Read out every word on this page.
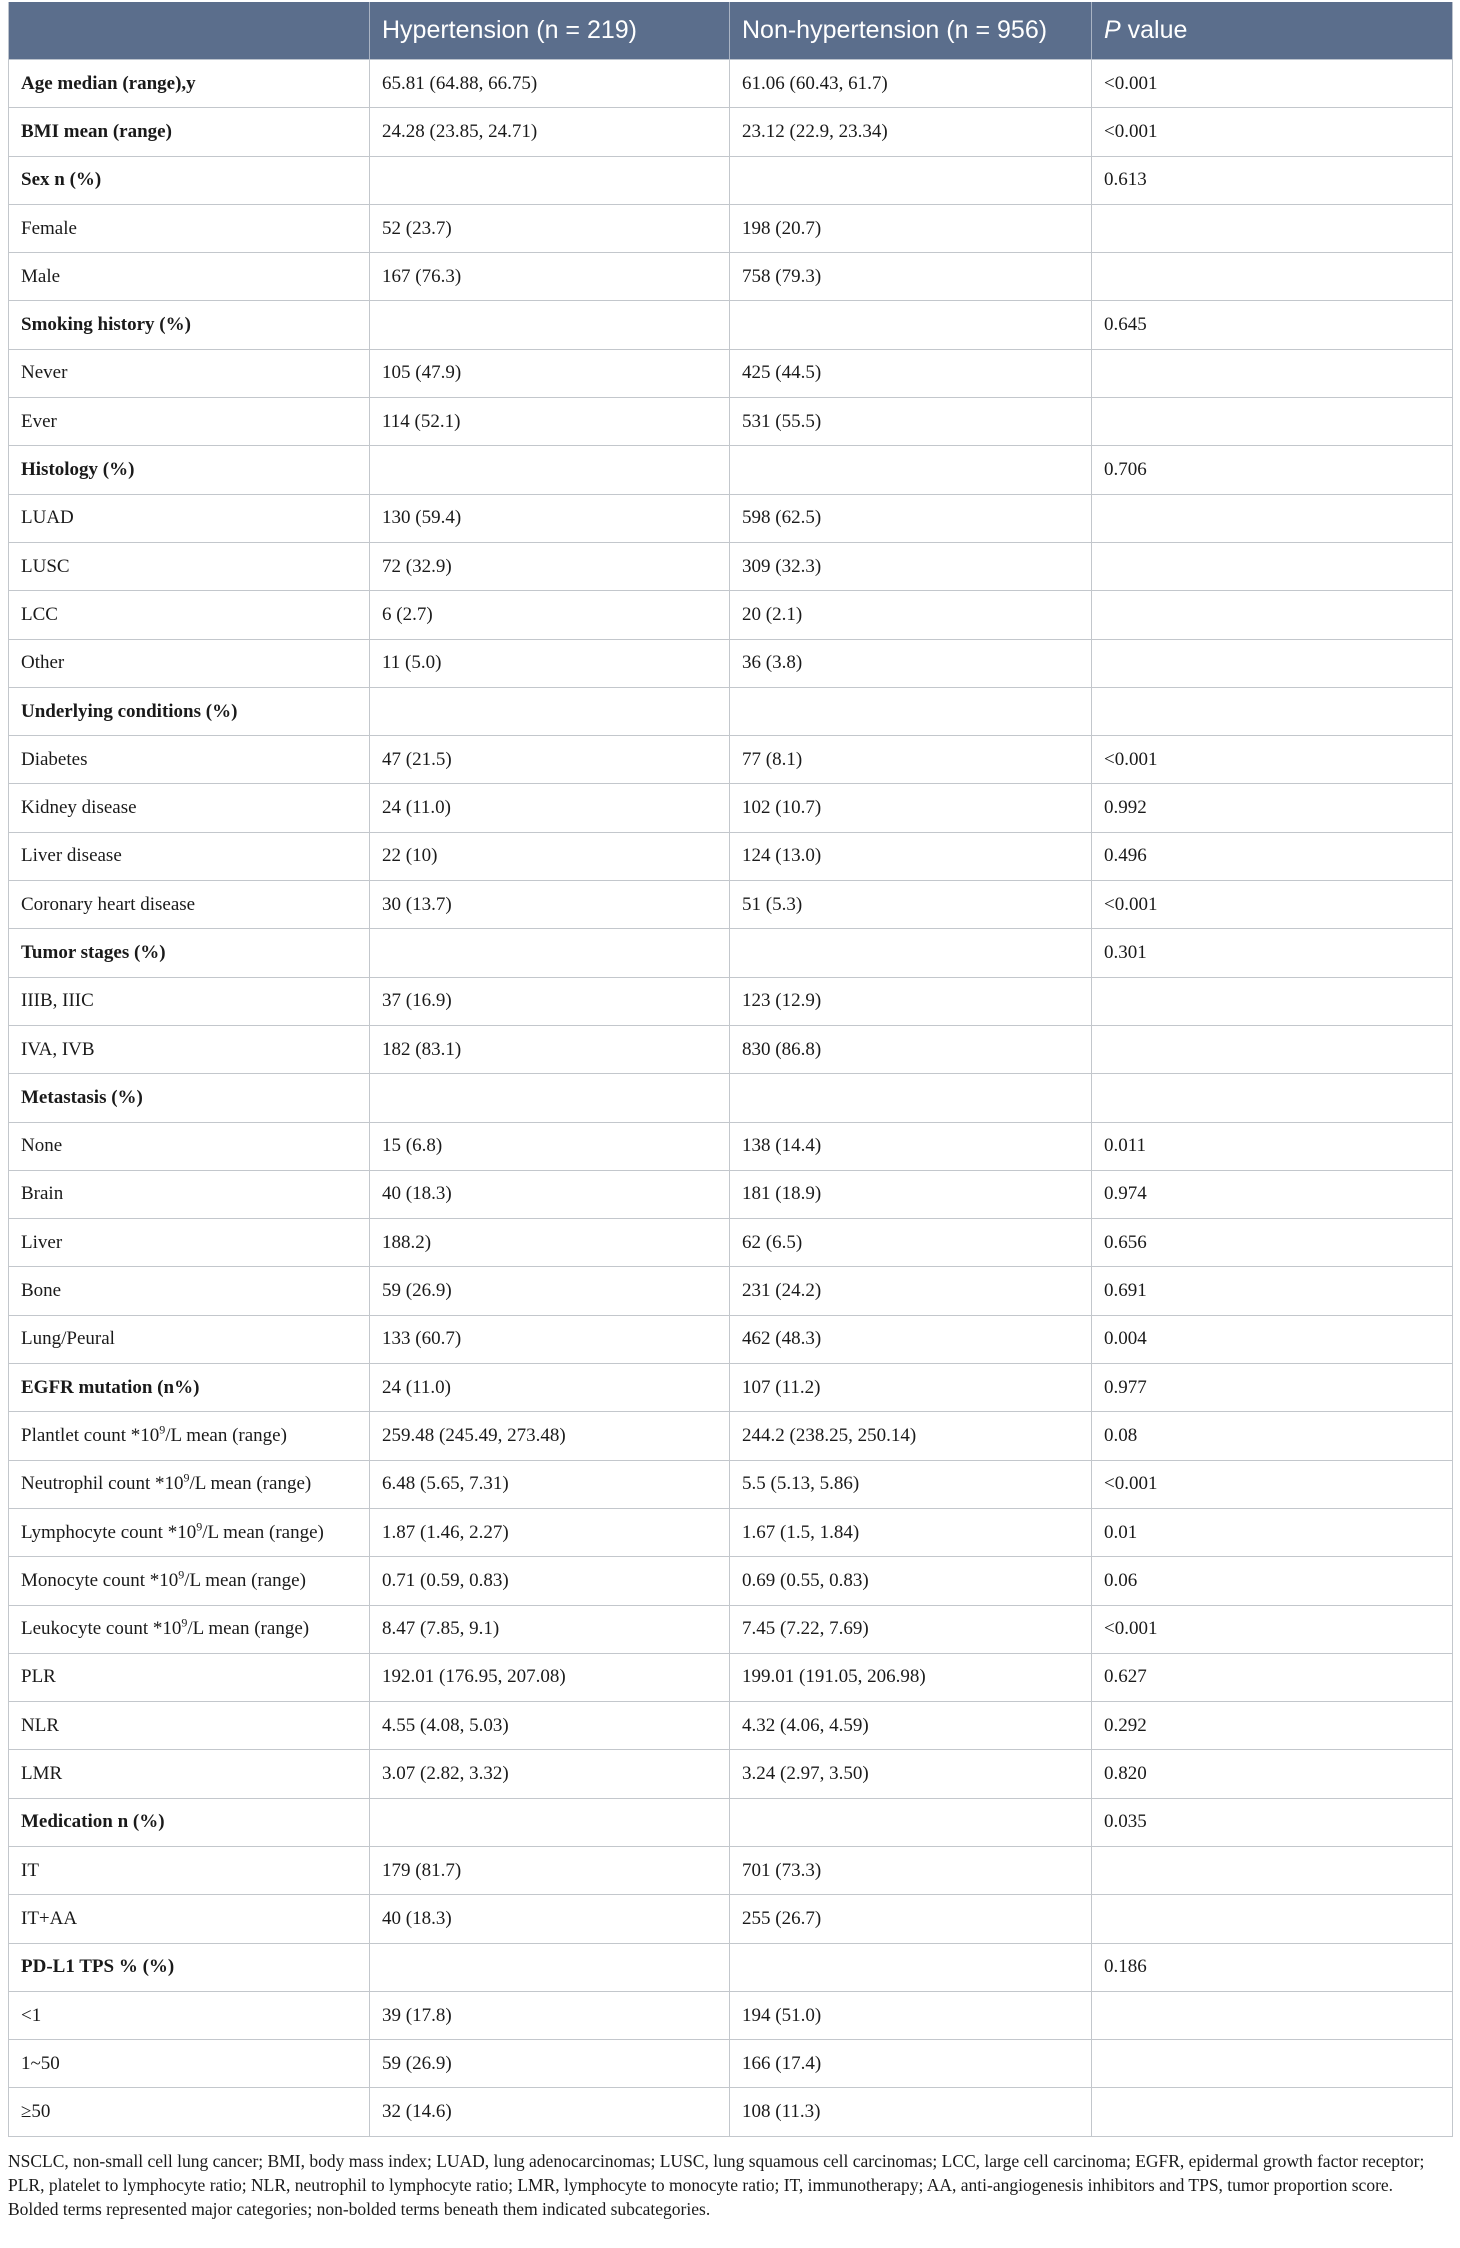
	Hypertension (n = 219)	Non-hypertension (n = 956)	P value
Age median (range),y	65.81 (64.88, 66.75)	61.06 (60.43, 61.7)	<0.001
BMI mean (range)	24.28 (23.85, 24.71)	23.12 (22.9, 23.34)	<0.001
Sex n (%)			0.613
Female	52 (23.7)	198 (20.7)	
Male	167 (76.3)	758 (79.3)	
Smoking history (%)			0.645
Never	105 (47.9)	425 (44.5)	
Ever	114 (52.1)	531 (55.5)	
Histology (%)			0.706
LUAD	130 (59.4)	598 (62.5)	
LUSC	72 (32.9)	309 (32.3)	
LCC	6 (2.7)	20 (2.1)	
Other	11 (5.0)	36 (3.8)	
Underlying conditions (%)			
Diabetes	47 (21.5)	77 (8.1)	<0.001
Kidney disease	24 (11.0)	102 (10.7)	0.992
Liver disease	22 (10)	124 (13.0)	0.496
Coronary heart disease	30 (13.7)	51 (5.3)	<0.001
Tumor stages (%)			0.301
IIIB, IIIC	37 (16.9)	123 (12.9)	
IVA, IVB	182 (83.1)	830 (86.8)	
Metastasis (%)			
None	15 (6.8)	138 (14.4)	0.011
Brain	40 (18.3)	181 (18.9)	0.974
Liver	188.2)	62 (6.5)	0.656
Bone	59 (26.9)	231 (24.2)	0.691
Lung/Peural	133 (60.7)	462 (48.3)	0.004
EGFR mutation (n%)	24 (11.0)	107 (11.2)	0.977
Plantlet count $*10^9/L$ mean (range)	259.48 (245.49, 273.48)	244.2 (238.25, 250.14)	0.08
Neutrophil count $*10^9/L$ mean (range)	6.48 (5.65, 7.31)	5.5 (5.13, 5.86)	<0.001
Lymphocyte count $*10^9/L$ mean (range)	1.87 (1.46, 2.27)	1.67 (1.5, 1.84)	0.01
Monocyte count $*10^9/L$ mean (range)	0.71 (0.59, 0.83)	0.69 (0.55, 0.83)	0.06
Leukocyte count $*10^9/L$ mean (range)	8.47 (7.85, 9.1)	7.45 (7.22, 7.69)	<0.001
PLR	192.01 (176.95, 207.08)	199.01 (191.05, 206.98)	0.627
NLR	4.55 (4.08, 5.03)	4.32 (4.06, 4.59)	0.292
LMR	3.07 (2.82, 3.32)	3.24 (2.97, 3.50)	0.820
Medication n (%)			0.035
IT	179 (81.7)	701 (73.3)	
IT+AA	40 (18.3)	255 (26.7)	
PD-L1 TPS % (%)			0.186
<1	39 (17.8)	194 (51.0)	
1~50	59 (26.9)	166 (17.4)	
≥50	32 (14.6)	108 (11.3)	

NSCLC, non-small cell lung cancer; BMI, body mass index; LUAD, lung adenocarcinomas; LUSC, lung squamous cell carcinomas; LCC, large cell carcinoma; EGFR, epidermal growth factor receptor; PLR, platelet to lymphocyte ratio; NLR, neutrophil to lymphocyte ratio; LMR, lymphocyte to monocyte ratio; IT, immunotherapy; AA, anti-angiogenesis inhibitors and TPS, tumor proportion score.

Bolded terms represented major categories; non-bolded terms beneath them indicated subcategories.
